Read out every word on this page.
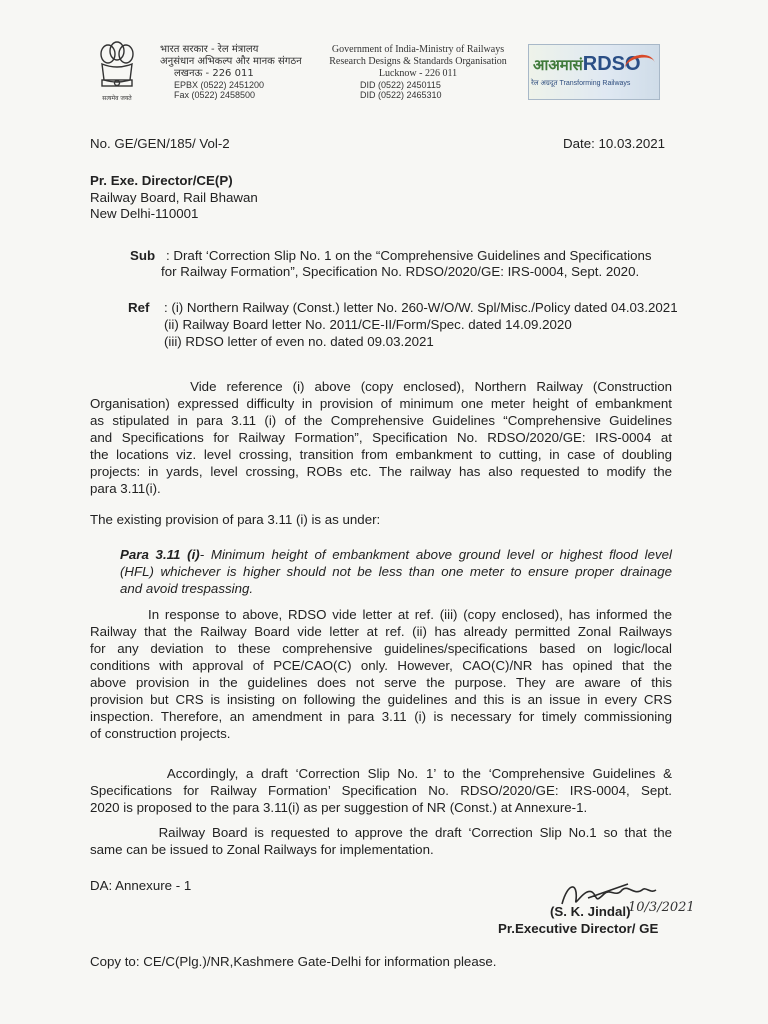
सत्यमेव जयते
भारत सरकार - रेल मंत्रालय
अनुसंधान अभिकल्प और मानक संगठन
लखनऊ - 226 011
EPBX (0522) 2451200
Fax (0522) 2458500
Government of India-Ministry of Railways
Research Designs & Standards Organisation
Lucknow - 226 011
DID (0522) 2450115
DID (0522) 2465310
आअमासंRDSO
रेल अग्रदूत Transforming Railways
No. GE/GEN/185/ Vol-2	Date: 10.03.2021
Pr. Exe. Director/CE(P)
Railway Board, Rail Bhawan
New Delhi-110001
Sub : Draft ‘Correction Slip No. 1 on the “Comprehensive Guidelines and Specifications
for Railway Formation”, Specification No. RDSO/2020/GE: IRS-0004, Sept. 2020.
Ref : (i) Northern Railway (Const.) letter No. 260-W/O/W. Spl/Misc./Policy dated 04.03.2021
(ii) Railway Board letter No. 2011/CE-II/Form/Spec. dated 14.09.2020
(iii) RDSO letter of even no. dated 09.03.2021
Vide reference (i) above (copy enclosed), Northern Railway (Construction
Organisation) expressed difficulty in provision of minimum one meter height of embankment
as stipulated in para 3.11 (i) of the Comprehensive Guidelines “Comprehensive Guidelines
and Specifications for Railway Formation”, Specification No. RDSO/2020/GE: IRS-0004 at
the locations viz. level crossing, transition from embankment to cutting, in case of doubling
projects: in yards, level crossing, ROBs etc. The railway has also requested to modify the
para 3.11(i).
The existing provision of para 3.11 (i) is as under:
Para 3.11 (i)- Minimum height of embankment above ground level or highest flood level
(HFL) whichever is higher should not be less than one meter to ensure proper drainage
and avoid trespassing.
In response to above, RDSO vide letter at ref. (iii) (copy enclosed), has informed the
Railway that the Railway Board vide letter at ref. (ii) has already permitted Zonal Railways
for any deviation to these comprehensive guidelines/specifications based on logic/local
conditions with approval of PCE/CAO(C) only. However, CAO(C)/NR has opined that the
above provision in the guidelines does not serve the purpose. They are aware of this
provision but CRS is insisting on following the guidelines and this is an issue in every CRS
inspection. Therefore, an amendment in para 3.11 (i) is necessary for timely commissioning
of construction projects.
Accordingly, a draft ‘Correction Slip No. 1’ to the ‘Comprehensive Guidelines &
Specifications for Railway Formation’ Specification No. RDSO/2020/GE: IRS-0004, Sept.
2020 is proposed to the para 3.11(i) as per suggestion of NR (Const.) at Annexure-1.
Railway Board is requested to approve the draft ‘Correction Slip No.1 so that the
same can be issued to Zonal Railways for implementation.
DA: Annexure - 1
(S. K. Jindal)
10/3/2021
Pr.Executive Director/ GE
Copy to: CE/C(Plg.)/NR,Kashmere Gate-Delhi for information please.
